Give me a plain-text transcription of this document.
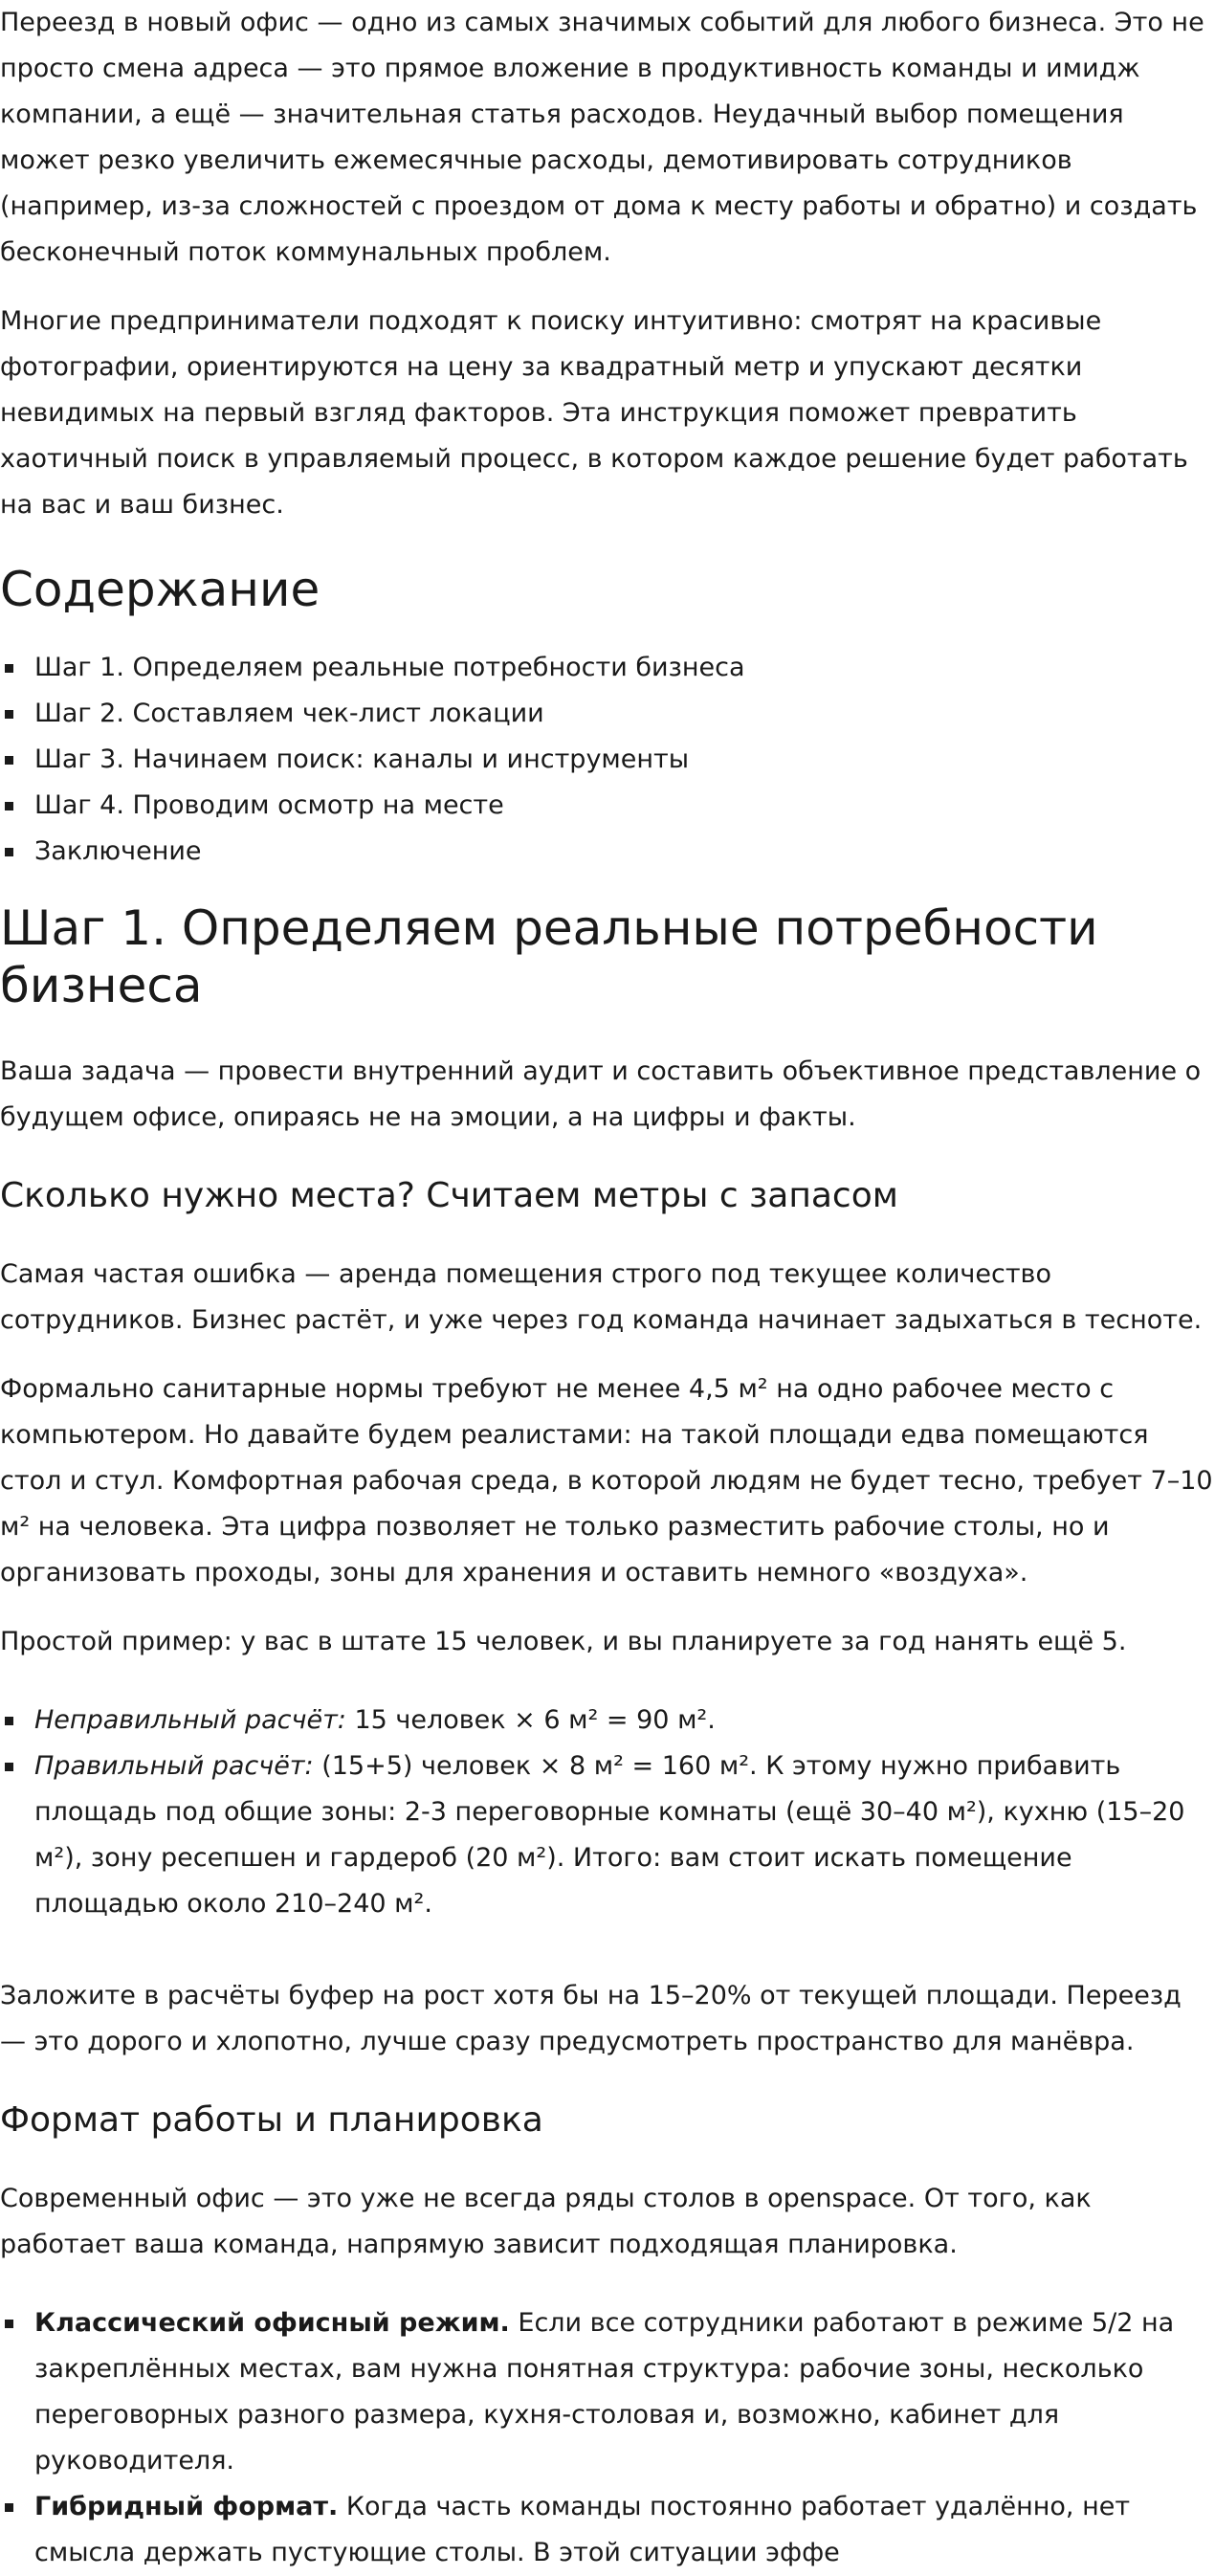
Переезд в новый офис — одно из самых значимых событий для любого бизнеса. Это не просто смена адреса — это прямое вложение в продуктивность команды и имидж компании, а ещё — значительная статья расходов. Неудачный выбор помещения может резко увеличить ежемесячные расходы, демотивировать сотрудников (например, из-за сложностей с проездом от дома к месту работы и обратно) и создать бесконечный поток коммунальных проблем.

Многие предприниматели подходят к поиску интуитивно: смотрят на красивые фотографии, ориентируются на цену за квадратный метр и упускают десятки невидимых на первый взгляд факторов. Эта инструкция поможет превратить хаотичный поиск в управляемый процесс, в котором каждое решение будет работать на вас и ваш бизнес.

Содержание
Шаг 1. Определяем реальные потребности бизнеса
Шаг 2. Составляем чек-лист локации
Шаг 3. Начинаем поиск: каналы и инструменты
Шаг 4. Проводим осмотр на месте
Заключение
Шаг 1. Определяем реальные потребности бизнеса

Ваша задача — провести внутренний аудит и составить объективное представление о будущем офисе, опираясь не на эмоции, а на цифры и факты.

Сколько нужно места? Считаем метры с запасом

Самая частая ошибка — аренда помещения строго под текущее количество сотрудников. Бизнес растёт, и уже через год команда начинает задыхаться в тесноте.

Формально санитарные нормы требуют не менее 4,5 м² на одно рабочее место с компьютером. Но давайте будем реалистами: на такой площади едва помещаются стол и стул. Комфортная рабочая среда, в которой людям не будет тесно, требует 7–10 м² на человека. Эта цифра позволяет не только разместить рабочие столы, но и организовать проходы, зоны для хранения и оставить немного «воздуха».

Простой пример: у вас в штате 15 человек, и вы планируете за год нанять ещё 5.

Неправильный расчёт: 15 человек × 6 м² = 90 м².
Правильный расчёт: (15+5) человек × 8 м² = 160 м². К этому нужно прибавить площадь под общие зоны: 2-3 переговорные комнаты (ещё 30–40 м²), кухню (15–20 м²), зону ресепшен и гардероб (20 м²). Итого: вам стоит искать помещение площадью около 210–240 м².

Заложите в расчёты буфер на рост хотя бы на 15–20% от текущей площади. Переезд — это дорого и хлопотно, лучше сразу предусмотреть пространство для манёвра.

Формат работы и планировка

Современный офис — это уже не всегда ряды столов в openspace. От того, как работает ваша команда, напрямую зависит подходящая планировка.

Классический офисный режим. Если все сотрудники работают в режиме 5/2 на закреплённых местах, вам нужна понятная структура: рабочие зоны, несколько переговорных разного размера, кухня-столовая и, возможно, кабинет для руководителя.
Гибридный формат. Когда часть команды постоянно работает удалённо, нет смысла держать пустующие столы. В этой ситуации эффе
